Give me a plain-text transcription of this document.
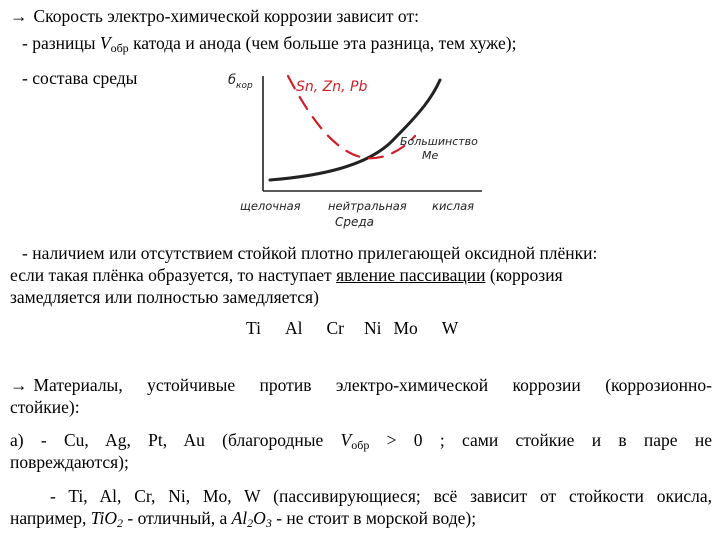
→ Скорость электро-химической коррозии зависит от:
- разницы $V_{обр}$ катода и анода (чем больше эта разница, тем хуже);
- состава среды	$б_{кор}$	Sn, Zn, Pb
Большинство
Ме
щелочная нейтральная кислая
Среда
- наличием или отсутствием стойкой плотно прилегающей оксидной плёнки:
если такая плёнка образуется, то наступает явление пассивации (коррозия
замедляется или полностью замедляется)
Ti Al Cr Ni Mo W
→ Материалы, устойчивые против электро-химической коррозии (коррозионно-
стойкие):
а) - Cu, Ag, Pt, Au (благородные $V_{обр} > 0$ ; сами стойкие и в паре не
повреждаются);
- Ti, Al, Cr, Ni, Mo, W (пассивирующиеся; всё зависит от стойкости окисла,
например, TiO$_2$ - отличный, а $Al_2O_3$ - не стоит в морской воде);
